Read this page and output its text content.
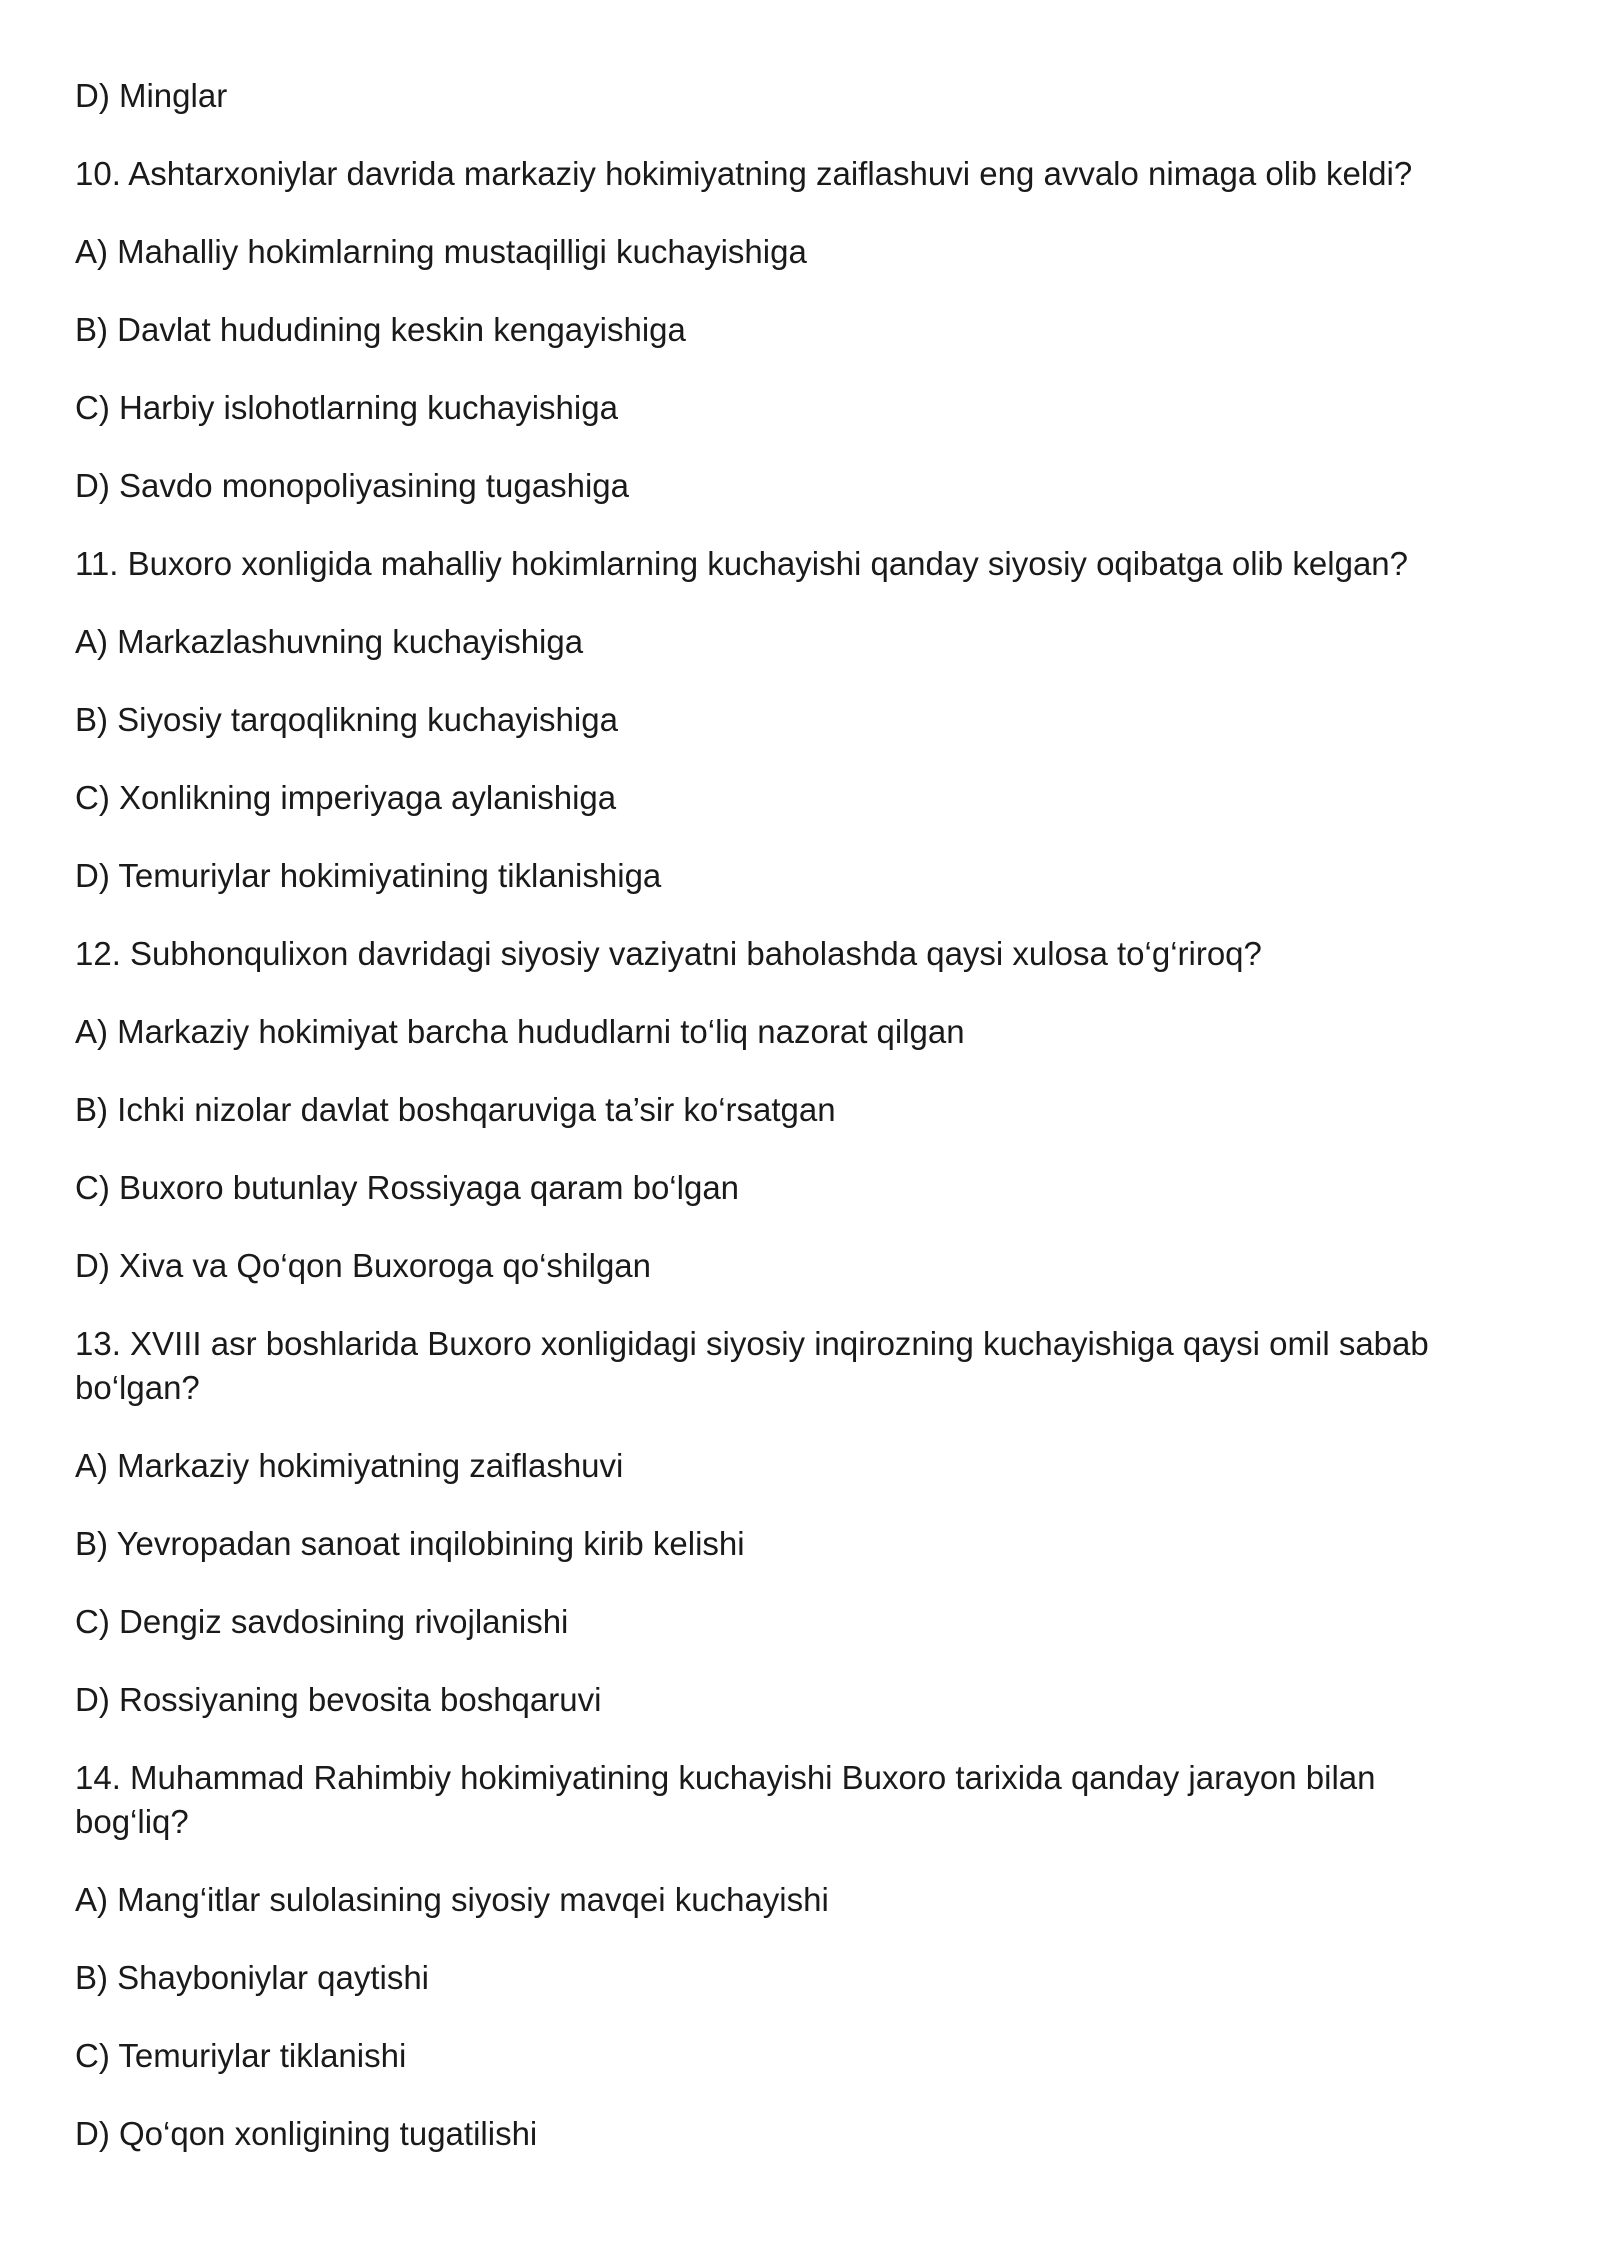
D) Minglar

10. Ashtarxoniylar davrida markaziy hokimiyatning zaiflashuvi eng avvalo nimaga olib keldi?

A) Mahalliy hokimlarning mustaqilligi kuchayishiga

B) Davlat hududining keskin kengayishiga

C) Harbiy islohotlarning kuchayishiga

D) Savdo monopoliyasining tugashiga

11. Buxoro xonligida mahalliy hokimlarning kuchayishi qanday siyosiy oqibatga olib kelgan?

A) Markazlashuvning kuchayishiga

B) Siyosiy tarqoqlikning kuchayishiga

C) Xonlikning imperiyaga aylanishiga

D) Temuriylar hokimiyatining tiklanishiga

12. Subhonqulixon davridagi siyosiy vaziyatni baholashda qaysi xulosa to‘g‘riroq?

A) Markaziy hokimiyat barcha hududlarni to‘liq nazorat qilgan

B) Ichki nizolar davlat boshqaruviga ta’sir ko‘rsatgan

C) Buxoro butunlay Rossiyaga qaram bo‘lgan

D) Xiva va Qo‘qon Buxoroga qo‘shilgan

13. XVIII asr boshlarida Buxoro xonligidagi siyosiy inqirozning kuchayishiga qaysi omil sabab bo‘lgan?

A) Markaziy hokimiyatning zaiflashuvi

B) Yevropadan sanoat inqilobining kirib kelishi

C) Dengiz savdosining rivojlanishi

D) Rossiyaning bevosita boshqaruvi

14. Muhammad Rahimbiy hokimiyatining kuchayishi Buxoro tarixida qanday jarayon bilan bog‘liq?

A) Mang‘itlar sulolasining siyosiy mavqei kuchayishi

B) Shayboniylar qaytishi

C) Temuriylar tiklanishi

D) Qo‘qon xonligining tugatilishi
